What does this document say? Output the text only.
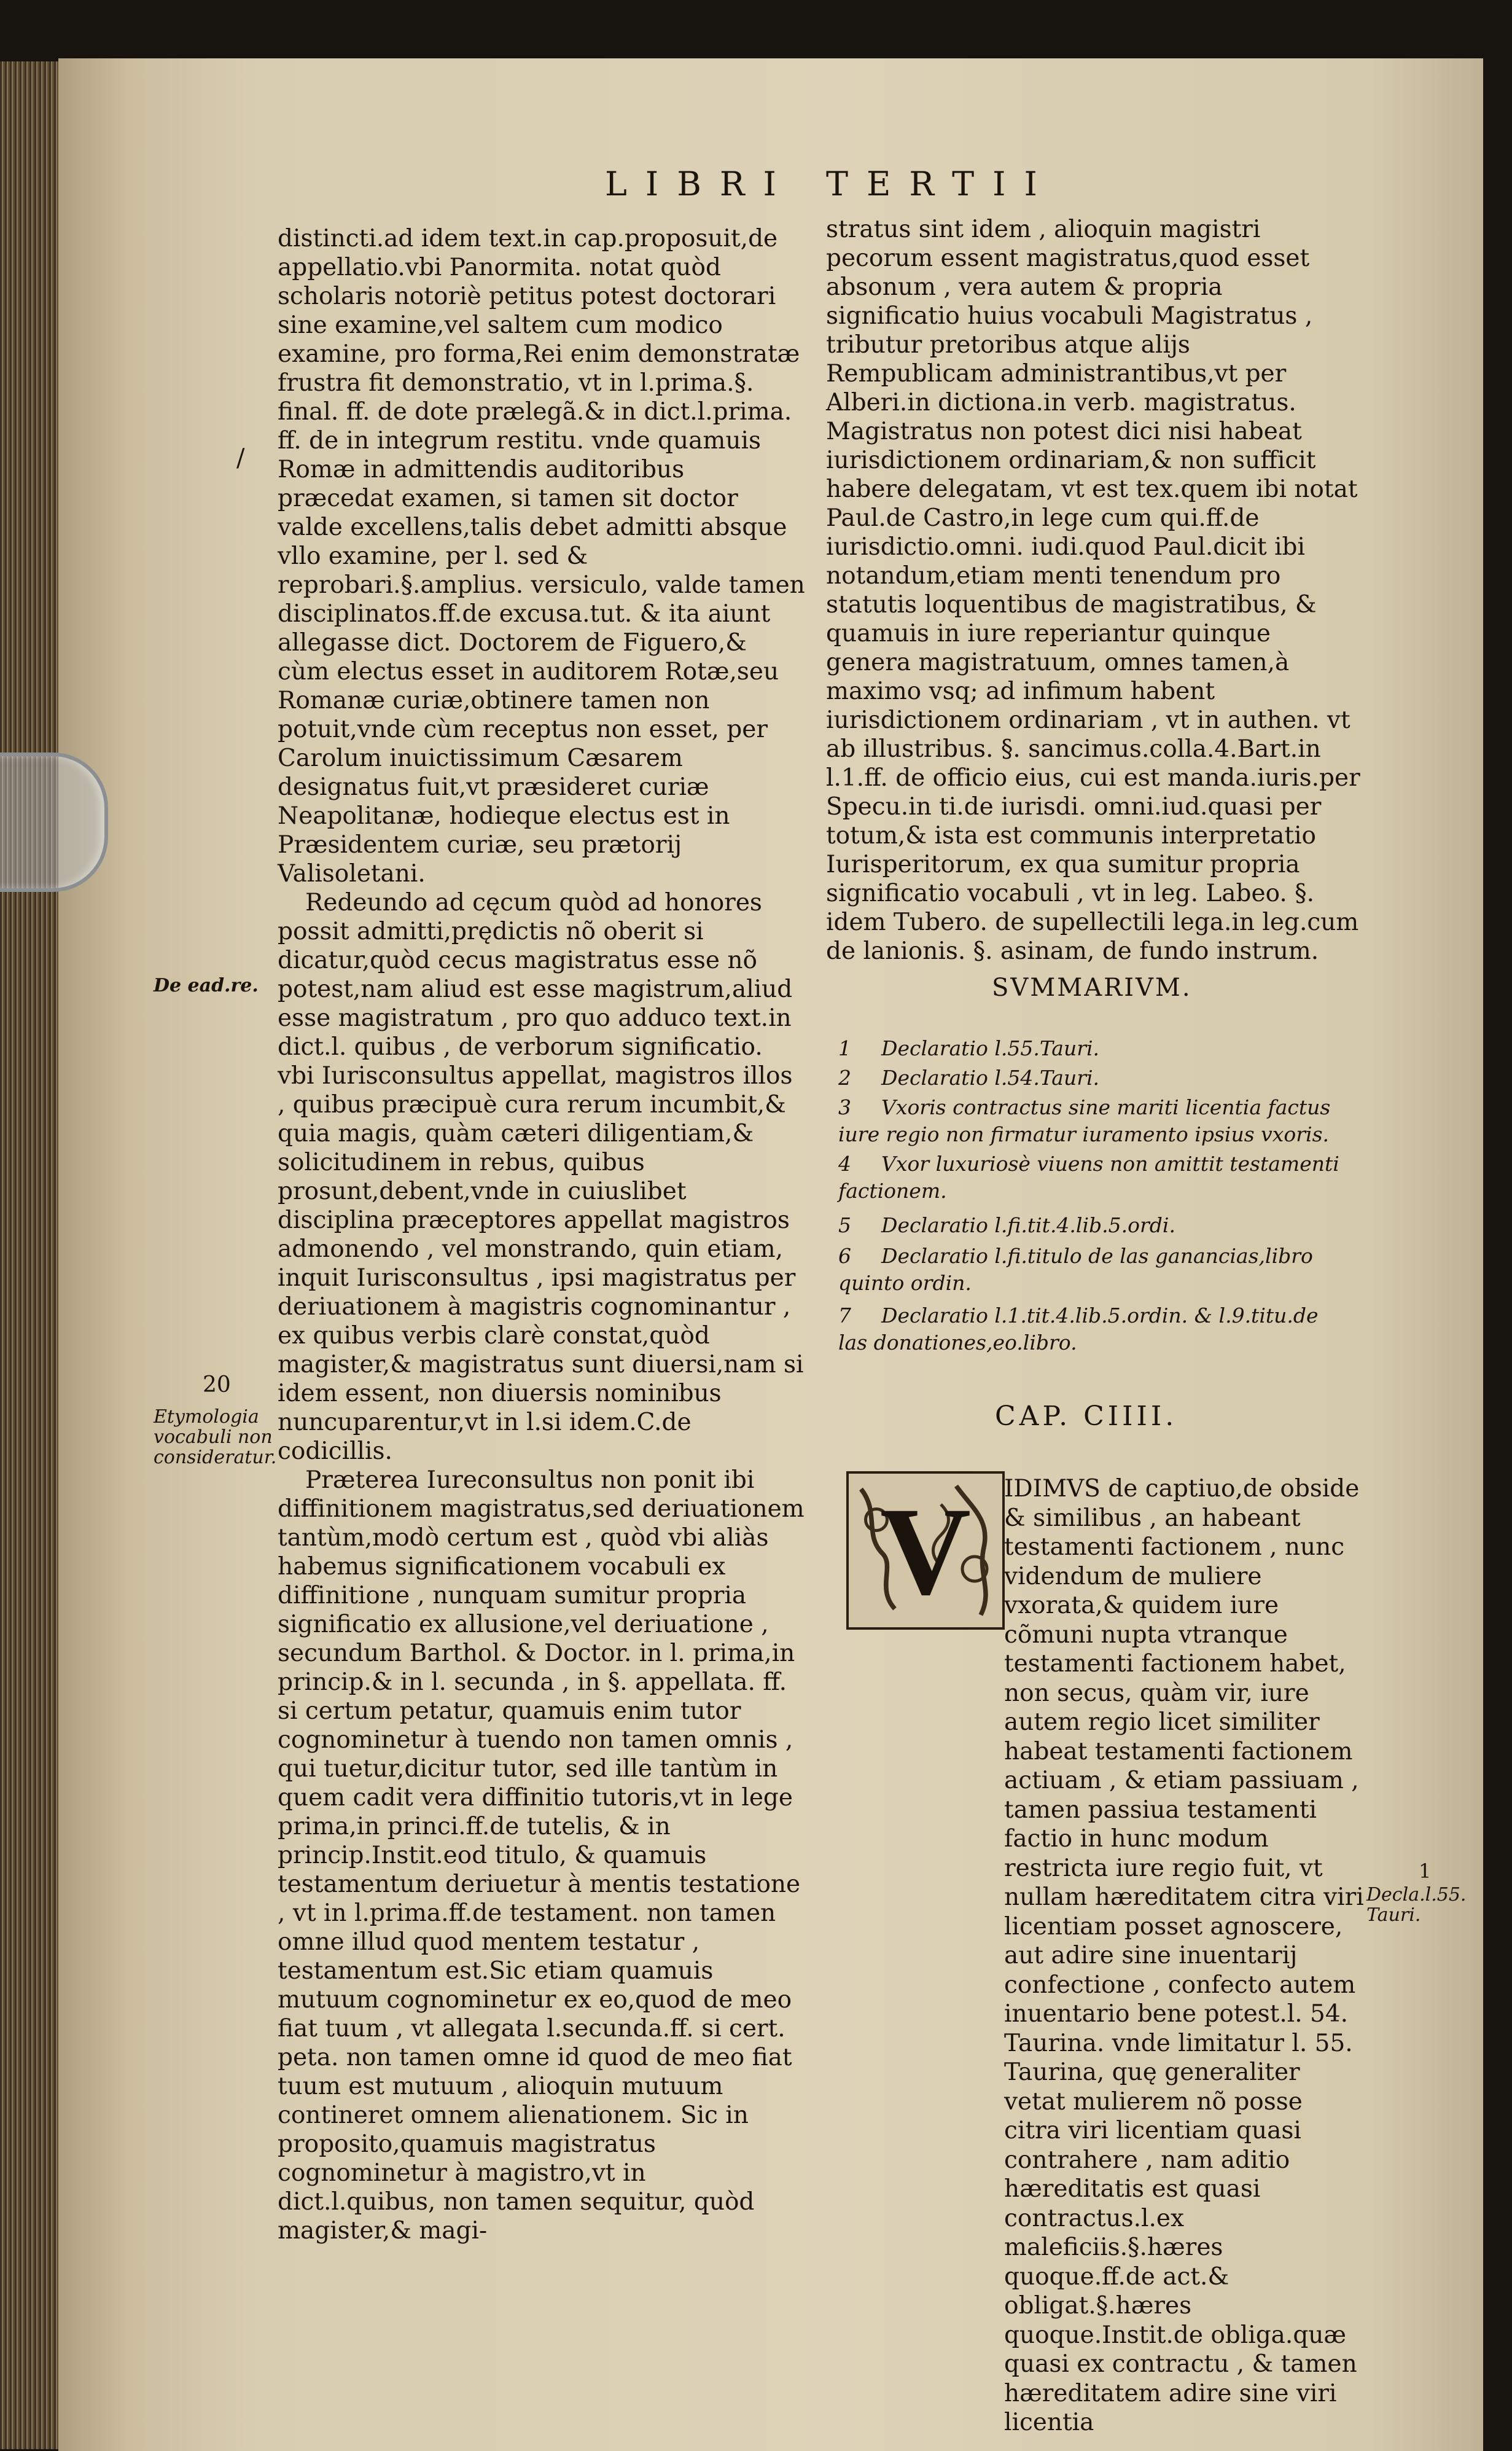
LIBRI TERTII

distincti.ad idem text.in cap.proposuit,de appellatio.vbi Panormita. notat quòd scholaris notoriè petitus potest doctorari sine examine,vel saltem cum modico examine, pro forma,Rei enim demonstratæ frustra fit demonstratio, vt in l.prima.§. final. ff. de dote prælegã.& in dict.l.prima. ff. de in integrum restitu. vnde quamuis Romæ in admittendis auditoribus præcedat examen, si tamen sit doctor valde excellens,talis debet admitti absque vllo examine, per l. sed & reprobari.§.amplius. versiculo, valde tamen disciplinatos.ff.de excusa.tut. & ita aiunt allegasse dict. Doctorem de Figuero,& cùm electus esset in auditorem Rotæ,seu Romanæ curiæ,obtinere tamen non potuit,vnde cùm receptus non esset, per Carolum inuictissimum Cæsarem designatus fuit,vt præsideret curiæ Neapolitanæ, hodieque electus est in Præsidentem curiæ, seu prætorij Valisoletani.

Redeundo ad cęcum quòd ad honores possit admitti,prędictis nõ oberit si dicatur,quòd cecus magistratus esse nõ potest,nam aliud est esse magistrum,aliud esse magistratum , pro quo adduco text.in dict.l. quibus , de verborum significatio. vbi Iurisconsultus appellat, magistros illos , quibus præcipuè cura rerum incumbit,& quia magis, quàm cæteri diligentiam,& solicitudinem in rebus, quibus prosunt,debent,vnde in cuiuslibet disciplina præceptores appellat magistros admonendo , vel monstrando, quin etiam, inquit Iurisconsultus , ipsi magistratus per deriuationem à magistris cognominantur , ex quibus verbis clarè constat,quòd magister,& magistratus sunt diuersi,nam si idem essent, non diuersis nominibus nuncuparentur,vt in l.si idem.C.de codicillis.

Præterea Iureconsultus non ponit ibi diffinitionem magistratus,sed deriuationem tantùm,modò certum est , quòd vbi aliàs habemus significationem vocabuli ex diffinitione , nunquam sumitur propria significatio ex allusione,vel deriuatione , secundum Barthol. & Doctor. in l. prima,in princip.& in l. secunda , in §. appellata. ff. si certum petatur, quamuis enim tutor cognominetur à tuendo non tamen omnis , qui tuetur,dicitur tutor, sed ille tantùm in quem cadit vera diffinitio tutoris,vt in lege prima,in princi.ff.de tutelis, & in princip.Instit.eod titulo, & quamuis testamentum deriuetur à mentis testatione , vt in l.prima.ff.de testament. non tamen omne illud quod mentem testatur , testamentum est.Sic etiam quamuis mutuum cognominetur ex eo,quod de meo fiat tuum , vt allegata l.secunda.ff. si cert. peta. non tamen omne id quod de meo fiat tuum est mutuum , alioquin mutuum contineret omnem alienationem. Sic in proposito,quamuis magistratus cognominetur à magistro,vt in dict.l.quibus, non tamen sequitur, quòd magister,& magi-

De ead.re.
20
Etymologia vocabuli non consideratur.
/
1
Decla.l.55. Tauri.

stratus sint idem , alioquin magistri pecorum essent magistratus,quod esset absonum , vera autem & propria significatio huius vocabuli Magistratus , tributur pretoribus atque alijs Rempublicam administrantibus,vt per Alberi.in dictiona.in verb. magistratus. Magistratus non potest dici nisi habeat iurisdictionem ordinariam,& non sufficit habere delegatam, vt est tex.quem ibi notat Paul.de Castro,in lege cum qui.ff.de iurisdictio.omni. iudi.quod Paul.dicit ibi notandum,etiam menti tenendum pro statutis loquentibus de magistratibus, & quamuis in iure reperiantur quinque genera magistratuum, omnes tamen,à maximo vsq; ad infimum habent iurisdictionem ordinariam , vt in authen. vt ab illustribus. §. sancimus.colla.4.Bart.in l.1.ff. de officio eius, cui est manda.iuris.per Specu.in ti.de iurisdi. omni.iud.quasi per totum,& ista est communis interpretatio Iurisperitorum, ex qua sumitur propria significatio vocabuli , vt in leg. Labeo. §. idem Tubero. de supellectili lega.in leg.cum de lanionis. §. asinam, de fundo instrum.

SVMMARIVM.
1 Declaratio l.55.Tauri.
2 Declaratio l.54.Tauri.
3 Vxoris contractus sine mariti licentia factus iure regio non firmatur iuramento ipsius vxoris.
4 Vxor luxuriosè viuens non amittit testamenti factionem.
5 Declaratio l.fi.tit.4.lib.5.ordi.
6 Declaratio l.fi.titulo de las ganancias,libro quinto ordin.
7 Declaratio l.1.tit.4.lib.5.ordin. & l.9.titu.de las donationes,eo.libro.
CAP. CIIII.
V	IDIMVS de captiuo,de obside & similibus , an habeant testamenti factionem , nunc videndum de muliere vxorata,& quidem iure cõmuni nupta vtranque testamenti factionem habet, non secus, quàm vir, iure autem regio licet similiter habeat testamenti factionem actiuam , & etiam passiuam , tamen passiua testamenti factio in hunc modum restricta iure regio fuit, vt nullam hæreditatem citra viri licentiam posset agnoscere, aut adire sine inuentarij confectione , confecto autem inuentario bene potest.l. 54. Taurina. vnde limitatur l. 55. Taurina, quę generaliter vetat mulierem nõ posse citra viri licentiam quasi contrahere , nam aditio hæreditatis est quasi contractus.l.ex maleficiis.§.hæres quoque.ff.de act.& obligat.§.hæres quoque.Instit.de obliga.quæ quasi ex contractu , & tamen hæreditatem adire sine viri licentia
